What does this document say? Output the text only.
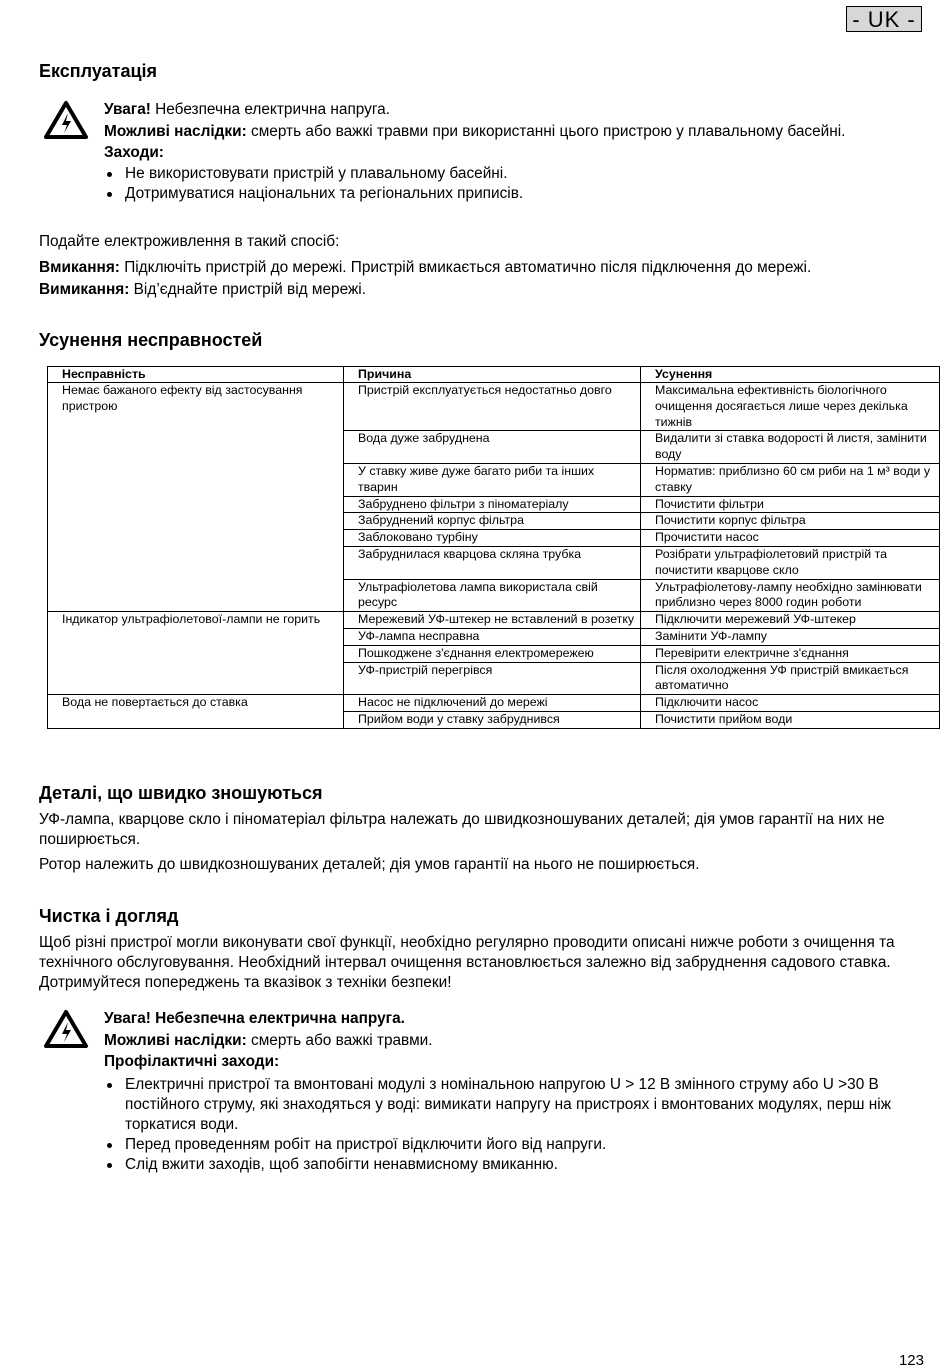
- UK -
Експлуатація
Увага! Небезпечна електрична напруга.
Можливі наслідки: смерть або важкі травми при використанні цього пристрою у плавальному басейні.
Заходи:
Не використовувати пристрій у плавальному басейні.
Дотримуватися національних та регіональних приписів.

Подайте електроживлення в такий спосіб:

Вмикання: Підключіть пристрій до мережі. Пристрій вмикається автоматично після підключення до мережі.

Вимикання: Від’єднайте пристрій від мережі.

Усунення несправностей
Несправність	Причина	Усунення
Немає бажаного ефекту від застосування пристрою	Пристрій експлуатується недостатньо довго	Максимальна ефективність біологічного очищення досягається лише через декілька тижнів
	Вода дуже забруднена	Видалити зі ставка водорості й листя, замінити воду
	У ставку живе дуже багато риби та інших тварин	Норматив: приблизно 60 см риби на 1 м³ води у ставку
	Забруднено фільтри з піноматеріалу	Почистити фільтри
	Забруднений корпус фільтра	Почистити корпус фільтра
	Заблоковано турбіну	Прочистити насос
	Забруднилася кварцова скляна трубка	Розібрати ультрафіолетовий пристрій та почистити кварцове скло
	Ультрафіолетова лампа використала свій ресурс	Ультрафіолетову-лампу необхідно замінювати приблизно через 8000 годин роботи
Індикатор ультрафіолетової-лампи не горить	Мережевий УФ-штекер не вставлений в розетку	Підключити мережевий УФ-штекер
	УФ-лампа несправна	Замінити УФ-лампу
	Пошкоджене з'єднання електромережею	Перевірити електричне з'єднання
	УФ-пристрій перегрівся	Після охолодження УФ пристрій вмикається автоматично
Вода не повертається до ставка	Насос не підключений до мережі	Підключити насос
	Прийом води у ставку забруднився	Почистити прийом води
Деталі, що швидко зношуються

УФ-лампа, кварцове скло і піноматеріал фільтра належать до швидкозношуваних деталей; дія умов гарантії на них не поширюється.

Ротор належить до швидкозношуваних деталей; дія умов гарантії на нього не поширюється.

Чистка і догляд

Щоб різні пристрої могли виконувати свої функції, необхідно регулярно проводити описані нижче роботи з очищення та технічного обслуговування. Необхідний інтервал очищення встановлюється залежно від забруднення садового ставка. Дотримуйтеся попереджень та вказівок з техніки безпеки!

Увага! Небезпечна електрична напруга.
Можливі наслідки: смерть або важкі травми.
Профілактичні заходи:
Електричні пристрої та вмонтовані модулі з номінальною напругою U > 12 В змінного струму або U >30 В постійного струму, які знаходяться у воді: вимикати напругу на пристроях і вмонтованих модулях, перш ніж торкатися води.
Перед проведенням робіт на пристрої відключити його від напруги.
Слід вжити заходів, щоб запобігти ненавмисному вмиканню.
123
